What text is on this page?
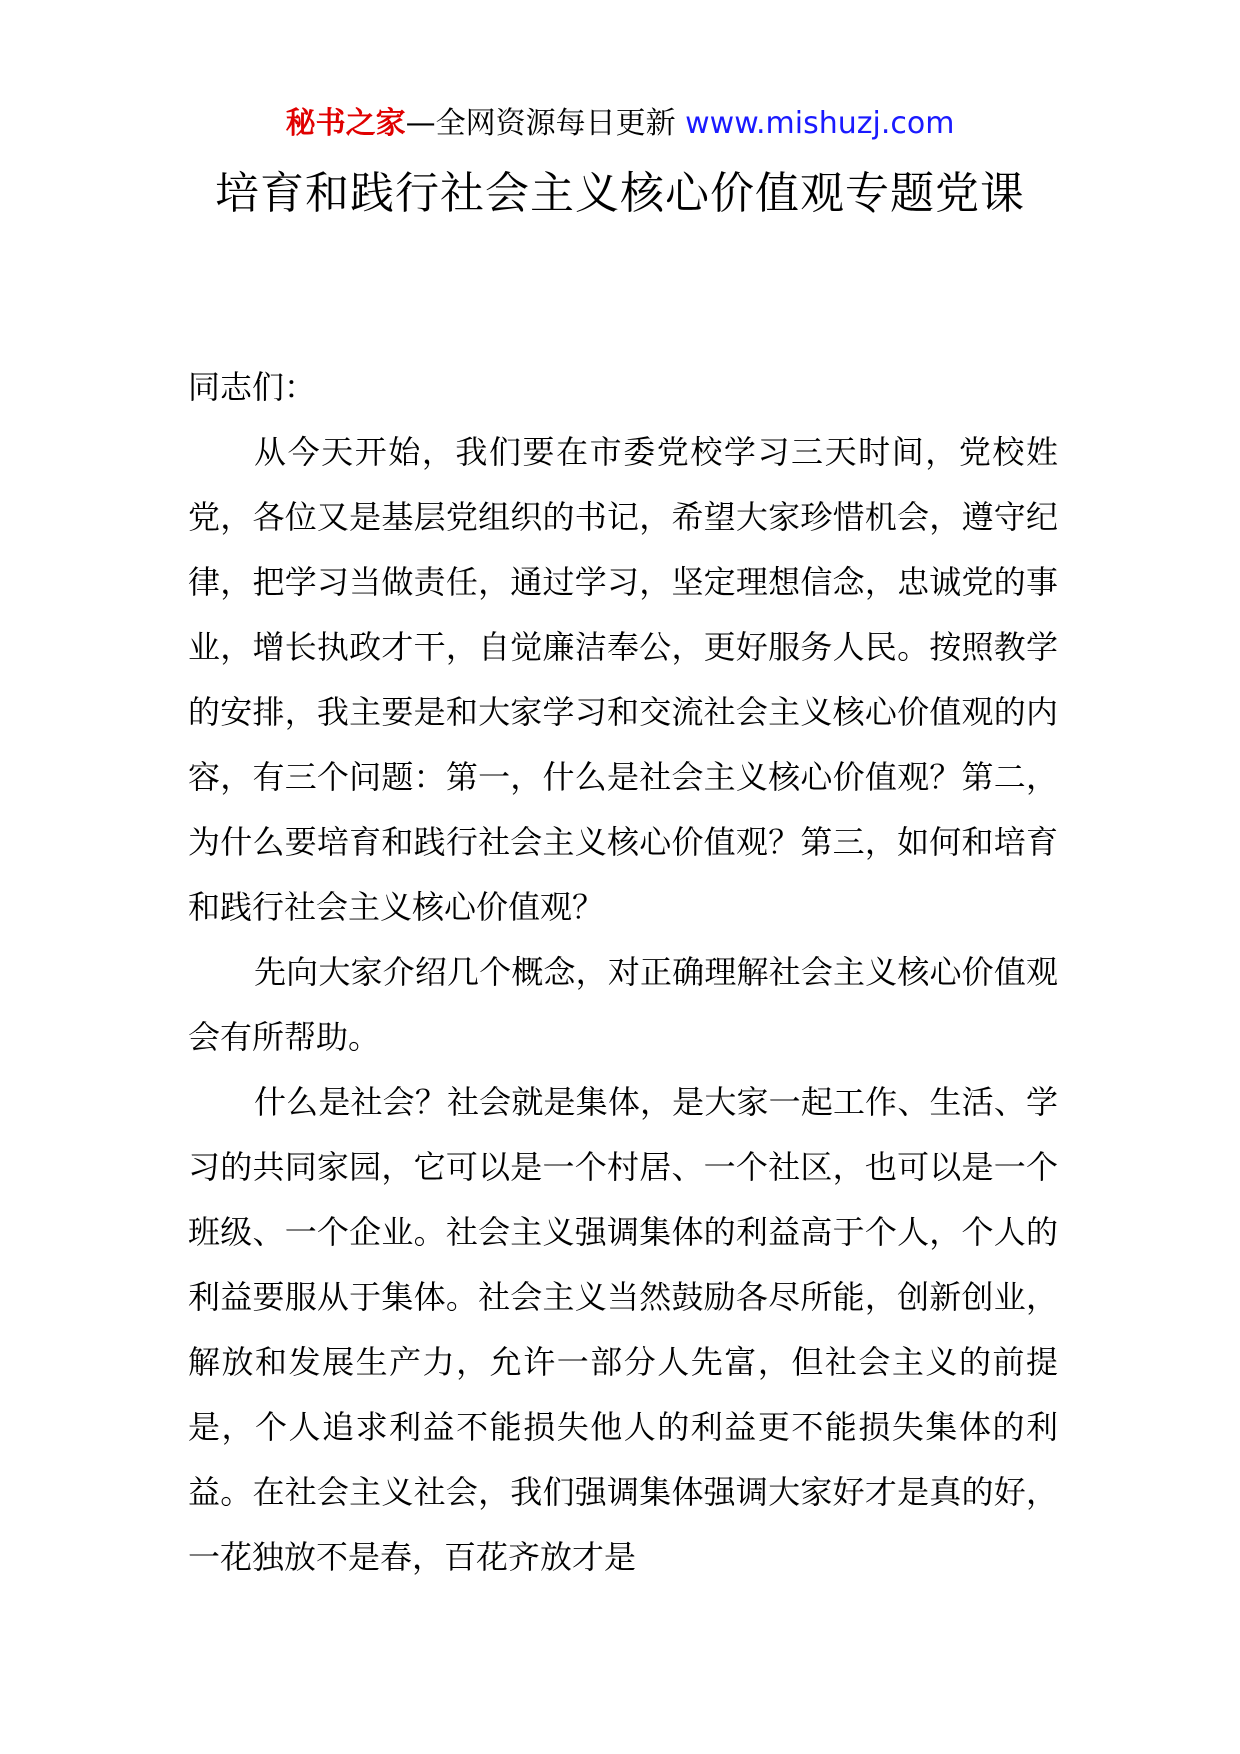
秘书之家—全网资源每日更新 www.mishuzj.com
培育和践行社会主义核心价值观专题党课

同志们：

从今天开始，我们要在市委党校学习三天时间，党校姓党，各位又是基层党组织的书记，希望大家珍惜机会，遵守纪律，把学习当做责任，通过学习，坚定理想信念，忠诚党的事业，增长执政才干，自觉廉洁奉公，更好服务人民。按照教学的安排，我主要是和大家学习和交流社会主义核心价值观的内容，有三个问题：第一，什么是社会主义核心价值观？第二，为什么要培育和践行社会主义核心价值观？第三，如何和培育和践行社会主义核心价值观？

先向大家介绍几个概念，对正确理解社会主义核心价值观会有所帮助。

什么是社会？社会就是集体，是大家一起工作、生活、学习的共同家园，它可以是一个村居、一个社区，也可以是一个班级、一个企业。社会主义强调集体的利益高于个人，个人的利益要服从于集体。社会主义当然鼓励各尽所能，创新创业，解放和发展生产力，允许一部分人先富，但社会主义的前提是，个人追求利益不能损失他人的利益更不能损失集体的利益。在社会主义社会，我们强调集体强调大家好才是真的好，一花独放不是春，百花齐放才是
